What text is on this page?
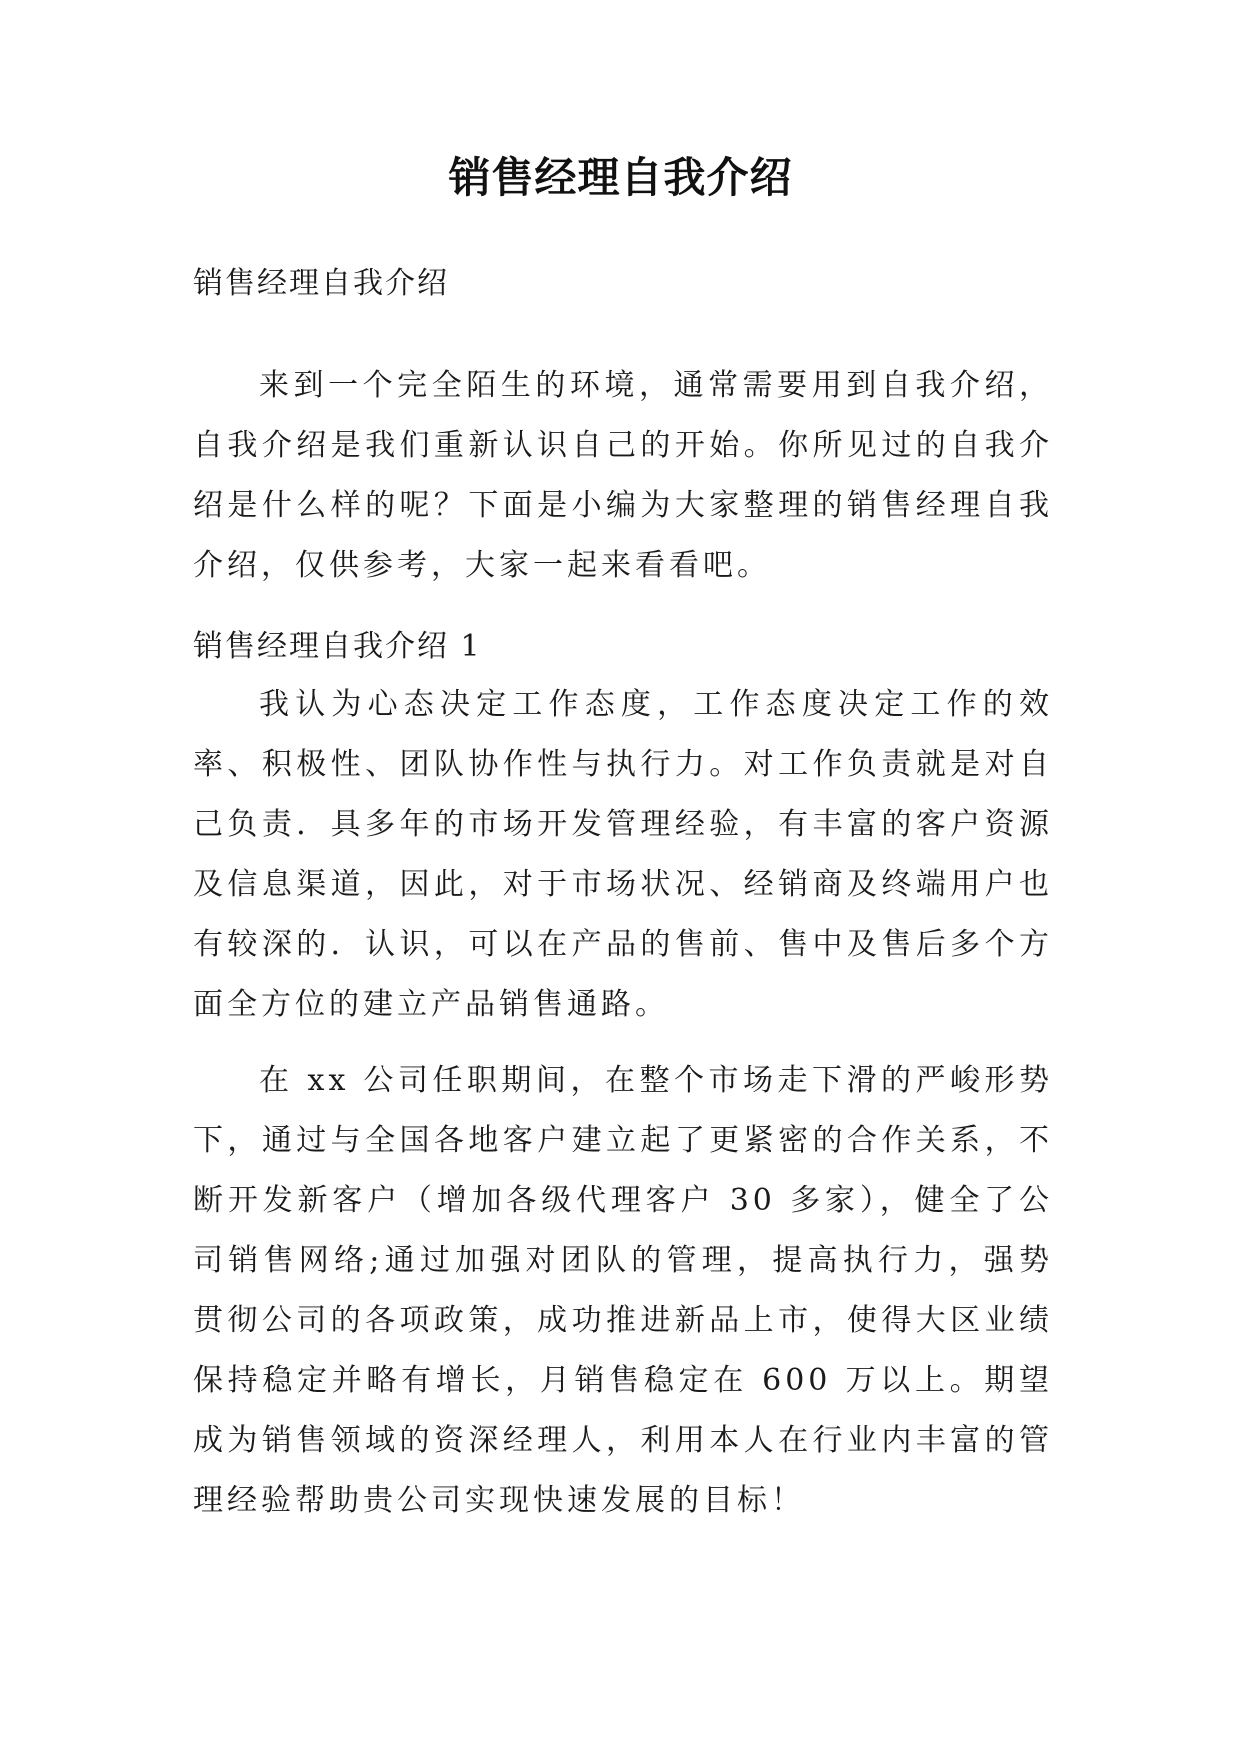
销售经理自我介绍
销售经理自我介绍

来到一个完全陌生的环境，通常需要用到自我介绍，自我介绍是我们重新认识自己的开始。你所见过的自我介绍是什么样的呢？下面是小编为大家整理的销售经理自我介绍，仅供参考，大家一起来看看吧。

销售经理自我介绍 1

我认为心态决定工作态度，工作态度决定工作的效率、积极性、团队协作性与执行力。对工作负责就是对自己负责．具多年的市场开发管理经验，有丰富的客户资源及信息渠道，因此，对于市场状况、经销商及终端用户也有较深的．认识，可以在产品的售前、售中及售后多个方面全方位的建立产品销售通路。

在 xx 公司任职期间，在整个市场走下滑的严峻形势下，通过与全国各地客户建立起了更紧密的合作关系，不断开发新客户（增加各级代理客户 30 多家），健全了公司销售网络;通过加强对团队的管理，提高执行力，强势贯彻公司的各项政策，成功推进新品上市，使得大区业绩保持稳定并略有增长，月销售稳定在 600 万以上。期望成为销售领域的资深经理人，利用本人在行业内丰富的管理经验帮助贵公司实现快速发展的目标！
